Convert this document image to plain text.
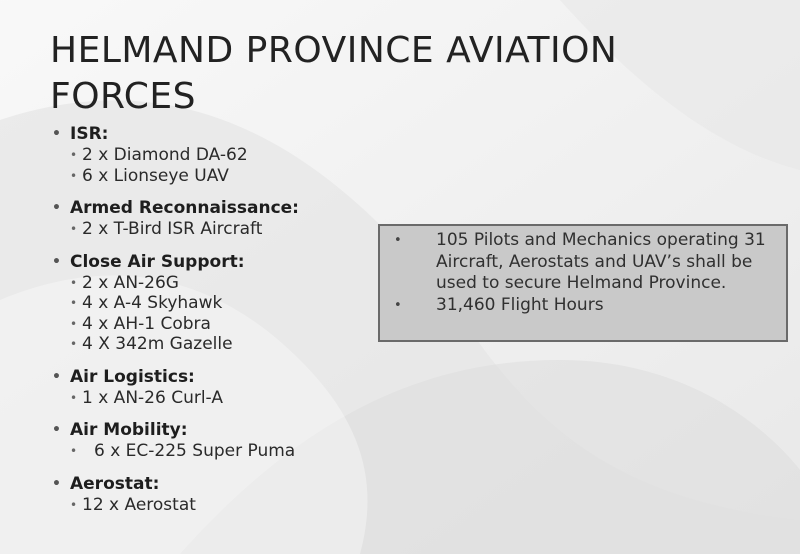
HELMAND PROVINCE AVIATION FORCES
• ISR:
• 2 x Diamond DA-62
• 6 x Lionseye UAV
• Armed Reconnaissance:
• 2 x T-Bird ISR Aircraft
• Close Air Support:
• 2 x AN-26G
• 4 x A-4 Skyhawk
• 4 x AH-1 Cobra
• 4 X 342m Gazelle
• Air Logistics:
• 1 x AN-26 Curl-A
• Air Mobility:
• 6 x EC-225 Super Puma
• Aerostat:
• 12 x Aerostat
•	105 Pilots and Mechanics operating 31 Aircraft, Aerostats and UAV’s shall be used to secure Helmand Province.
•	31,460 Flight Hours
